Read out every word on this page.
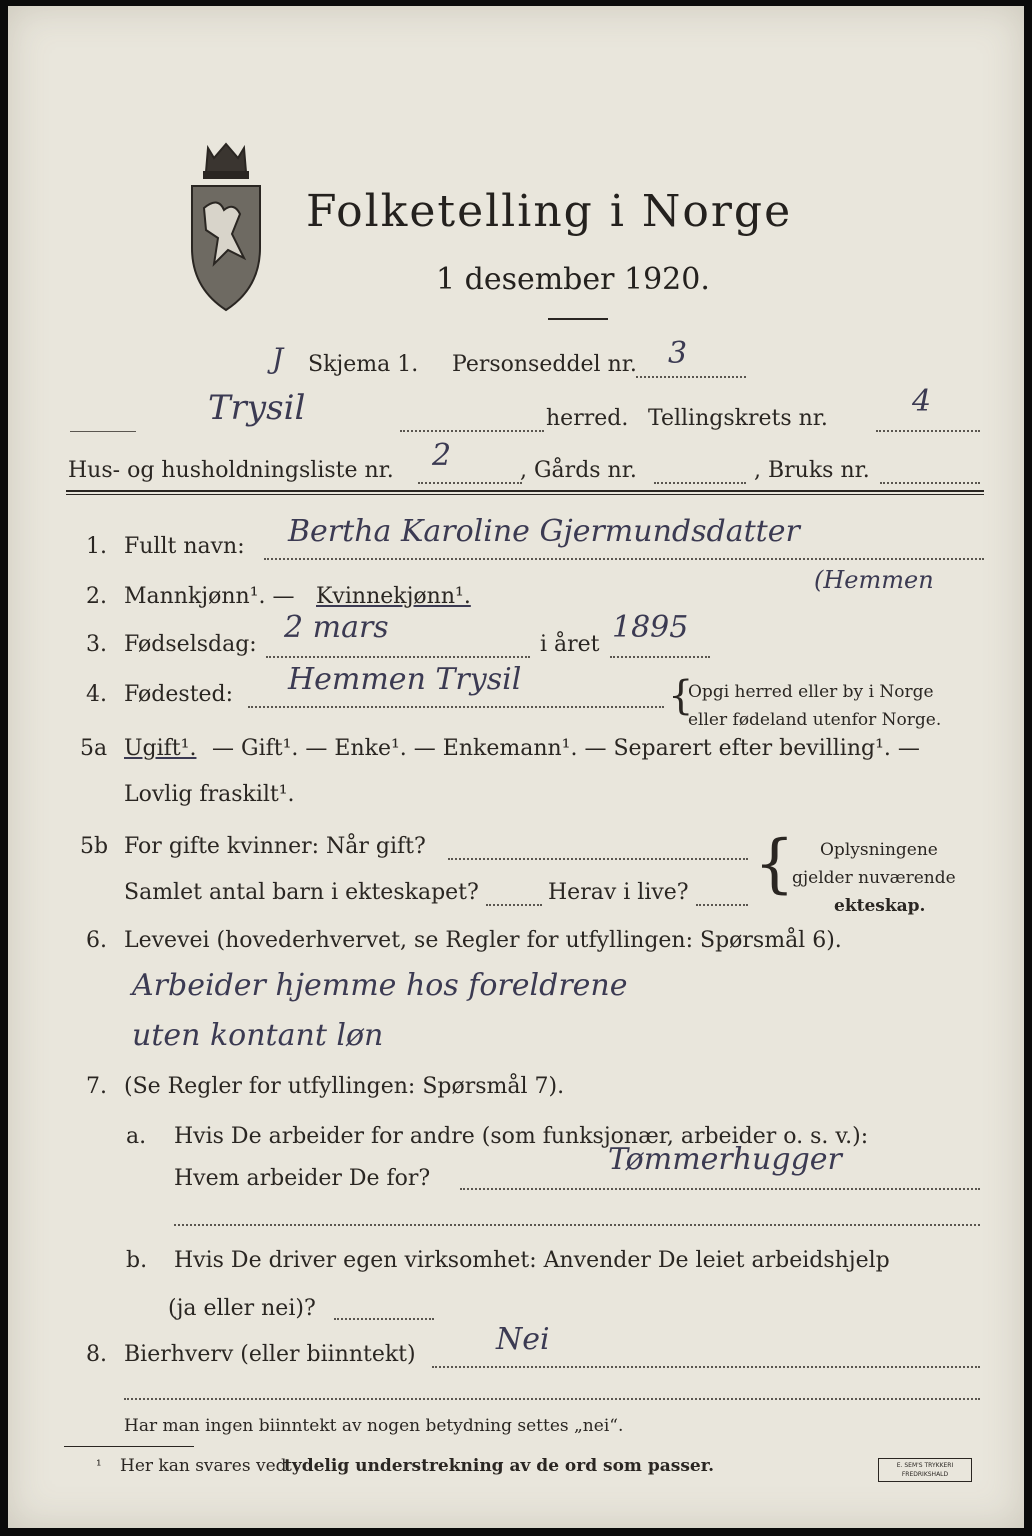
Folketelling i Norge
1 desember 1920.
J Skjema 1. Personseddel nr. 3
Trysil	herred. Tellingskrets nr.	4
Hus- og husholdningsliste nr. 2	, Gårds nr.	, Bruks nr.
1. Fullt navn: Bertha Karoline Gjermundsdatter
(Hemmen
2. Mannkjønn¹. — Kvinnekjønn¹.
3. Fødselsdag: 2 mars	i året 1895
4. Fødested: Hemmen Trysil	{
Opgi herred eller by i Norge
eller fødeland utenfor Norge.
5a Ugift¹. — Gift¹. — Enke¹. — Enkemann¹. — Separert efter bevilling¹. —
Lovlig fraskilt¹.
5b For gifte kvinner: Når gift?
Samlet antal barn i ekteskapet?	Herav i live? { Oplysningene
gjelder nuværende
ekteskap.
6. Levevei (hovederhvervet, se Regler for utfyllingen: Spørsmål 6).
Arbeider hjemme hos foreldrene
uten kontant løn
7. (Se Regler for utfyllingen: Spørsmål 7).
a. Hvis De arbeider for andre (som funksjonær, arbeider o. s. v.):
Hvem arbeider De for?
Tømmerhugger
b. Hvis De driver egen virksomhet: Anvender De leiet arbeidshjelp
(ja eller nei)?
8. Bierhverv (eller biinntekt)	Nei
Har man ingen biinntekt av nogen betydning settes „nei“.
¹ Her kan svares ved
tydelig understrekning av de ord som passer.	E. SEM'S TRYKKERI
FREDRIKSHALD
